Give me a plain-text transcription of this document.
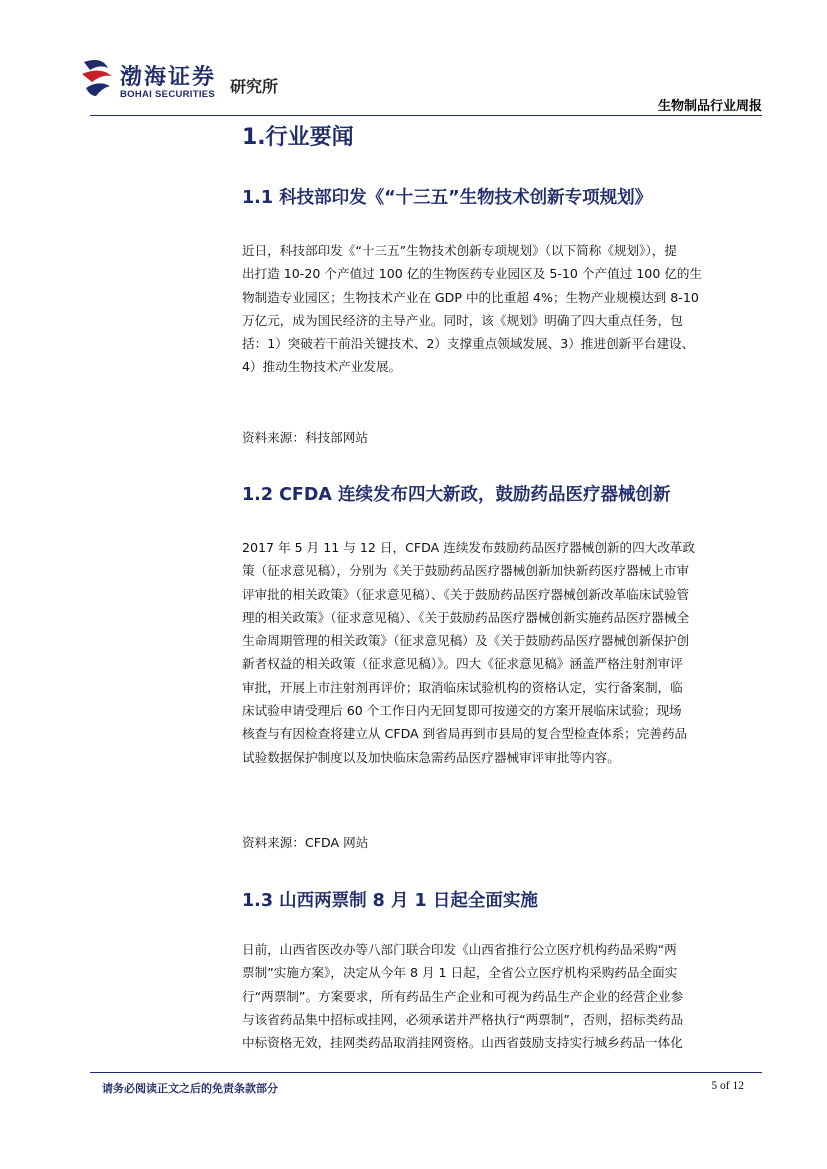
渤海证券
BOHAI SECURITIES 研究所
生物制品行业周报
1.行业要闻
1.1 科技部印发《“十三五”生物技术创新专项规划》
近日，科技部印发《“十三五”生物技术创新专项规划》（以下简称《规划》），提
出打造 10-20 个产值过 100 亿的生物医药专业园区及 5-10 个产值过 100 亿的生
物制造专业园区；生物技术产业在 GDP 中的比重超 4%；生物产业规模达到 8-10
万亿元，成为国民经济的主导产业。同时，该《规划》明确了四大重点任务，包
括：1）突破若干前沿关键技术、2）支撑重点领域发展、3）推进创新平台建设、
4）推动生物技术产业发展。

资料来源：科技部网站

1.2 CFDA 连续发布四大新政，鼓励药品医疗器械创新
2017 年 5 月 11 与 12 日，CFDA 连续发布鼓励药品医疗器械创新的四大改革政
策（征求意见稿），分别为《关于鼓励药品医疗器械创新加快新药医疗器械上市审
评审批的相关政策》（征求意见稿）、《关于鼓励药品医疗器械创新改革临床试验管
理的相关政策》（征求意见稿）、《关于鼓励药品医疗器械创新实施药品医疗器械全
生命周期管理的相关政策》（征求意见稿）及《关于鼓励药品医疗器械创新保护创
新者权益的相关政策（征求意见稿）》。四大《征求意见稿》涵盖严格注射剂审评
审批，开展上市注射剂再评价；取消临床试验机构的资格认定，实行备案制，临
床试验申请受理后 60 个工作日内无回复即可按递交的方案开展临床试验；现场
核查与有因检查将建立从 CFDA 到省局再到市县局的复合型检查体系；完善药品
试验数据保护制度以及加快临床急需药品医疗器械审评审批等内容。

资料来源：CFDA 网站

1.3 山西两票制 8 月 1 日起全面实施
日前，山西省医改办等八部门联合印发《山西省推行公立医疗机构药品采购“两
票制”实施方案》，决定从今年 8 月 1 日起，全省公立医疗机构采购药品全面实
行“两票制”。方案要求，所有药品生产企业和可视为药品生产企业的经营企业参
与该省药品集中招标或挂网，必须承诺并严格执行“两票制”，否则，招标类药品
中标资格无效，挂网类药品取消挂网资格。山西省鼓励支持实行城乡药品一体化
请务必阅读正文之后的免责条款部分	5 of 12
